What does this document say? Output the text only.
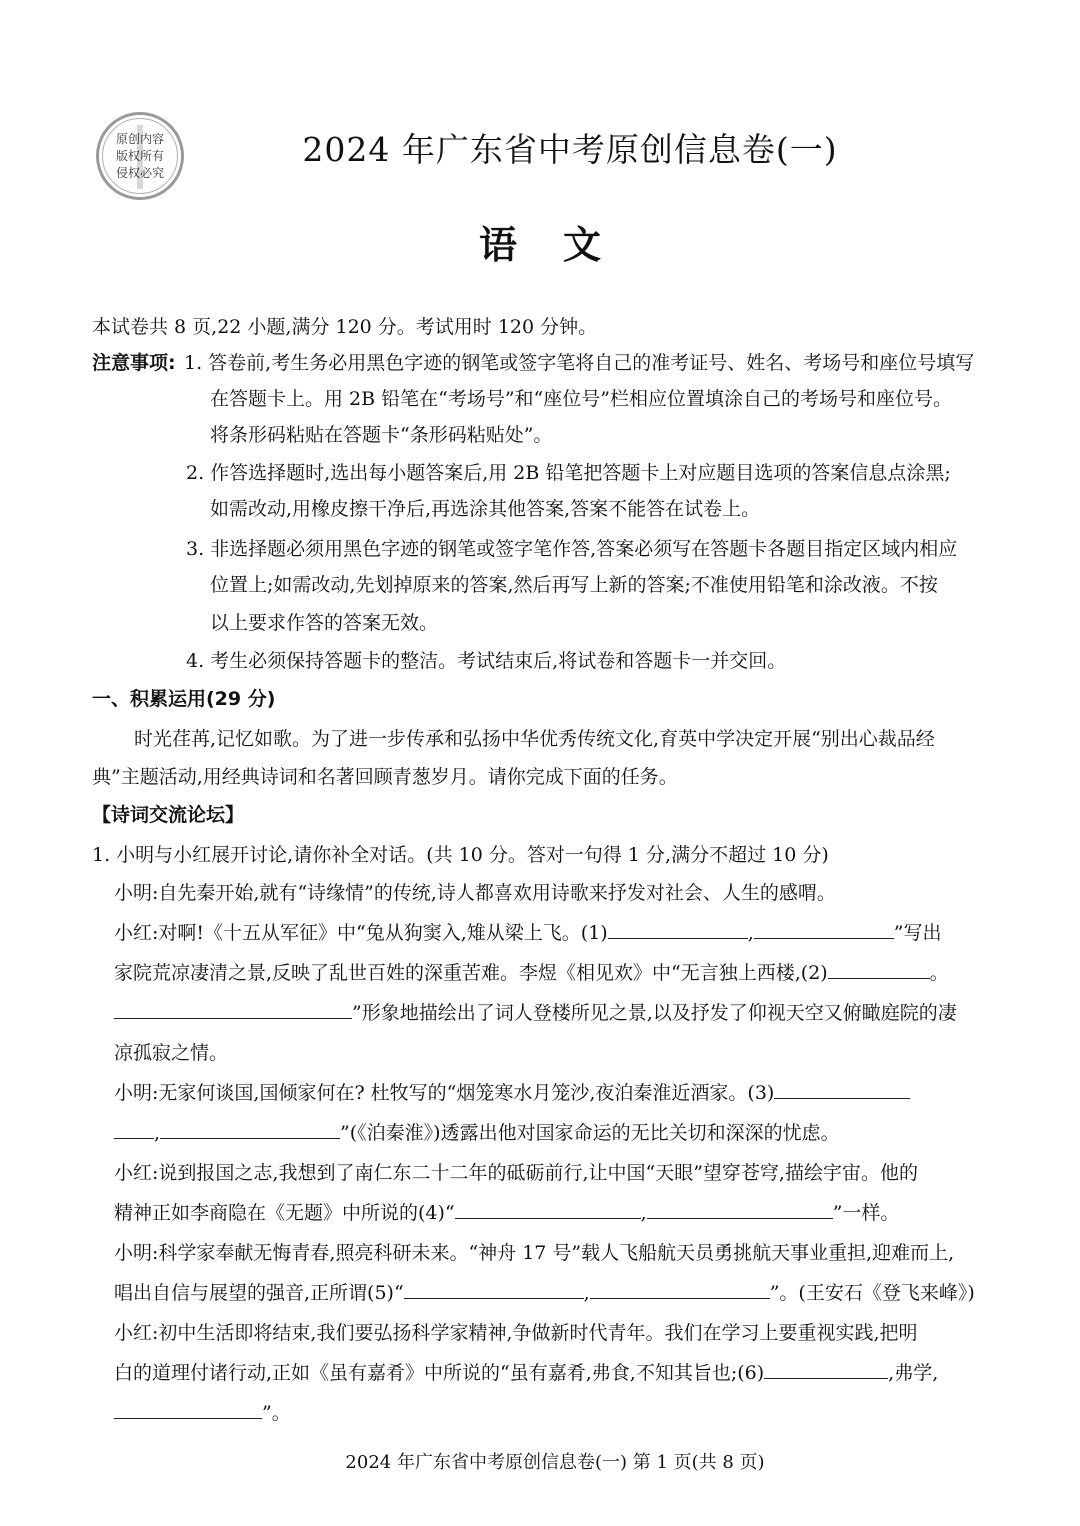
原创内容
版权所有
侵权必究
2024 年广东省中考原创信息卷(一)
语文
本试卷共 8 页,22 小题,满分 120 分。考试用时 120 分钟。
注意事项: 1. 答卷前,考生务必用黑色字迹的钢笔或签字笔将自己的准考证号、姓名、考场号和座位号填写
在答题卡上。用 2B 铅笔在“考场号”和“座位号”栏相应位置填涂自己的考场号和座位号。
将条形码粘贴在答题卡“条形码粘贴处”。
2. 作答选择题时,选出每小题答案后,用 2B 铅笔把答题卡上对应题目选项的答案信息点涂黑;
如需改动,用橡皮擦干净后,再选涂其他答案,答案不能答在试卷上。
3. 非选择题必须用黑色字迹的钢笔或签字笔作答,答案必须写在答题卡各题目指定区域内相应
位置上;如需改动,先划掉原来的答案,然后再写上新的答案;不准使用铅笔和涂改液。不按
以上要求作答的答案无效。
4. 考生必须保持答题卡的整洁。考试结束后,将试卷和答题卡一并交回。
一、积累运用(29 分)
时光荏苒,记忆如歌。为了进一步传承和弘扬中华优秀传统文化,育英中学决定开展“别出心裁品经
典”主题活动,用经典诗词和名著回顾青葱岁月。请你完成下面的任务。
【诗词交流论坛】
1. 小明与小红展开讨论,请你补全对话。(共 10 分。答对一句得 1 分,满分不超过 10 分)
小明:自先秦开始,就有“诗缘情”的传统,诗人都喜欢用诗歌来抒发对社会、人生的感喟。
小红:对啊!《十五从军征》中“兔从狗窦入,雉从梁上飞。(1)	,	”写出
家院荒凉凄清之景,反映了乱世百姓的深重苦难。李煜《相见欢》中“无言独上西楼,(2)	。
”形象地描绘出了词人登楼所见之景,以及抒发了仰视天空又俯瞰庭院的凄
凉孤寂之情。
小明:无家何谈国,国倾家何在? 杜牧写的“烟笼寒水月笼沙,夜泊秦淮近酒家。(3)
,	”(《泊秦淮》)透露出他对国家命运的无比关切和深深的忧虑。
小红:说到报国之志,我想到了南仁东二十二年的砥砺前行,让中国“天眼”望穿苍穹,描绘宇宙。他的
精神正如李商隐在《无题》中所说的(4)“	,	”一样。
小明:科学家奉献无悔青春,照亮科研未来。“神舟 17 号”载人飞船航天员勇挑航天事业重担,迎难而上,
唱出自信与展望的强音,正所谓(5)“	,	”。(王安石《登飞来峰》)
小红:初中生活即将结束,我们要弘扬科学家精神,争做新时代青年。我们在学习上要重视实践,把明
白的道理付诸行动,正如《虽有嘉肴》中所说的“虽有嘉肴,弗食,不知其旨也;(6)	,弗学,
”。
2024 年广东省中考原创信息卷(一) 第 1 页(共 8 页)
